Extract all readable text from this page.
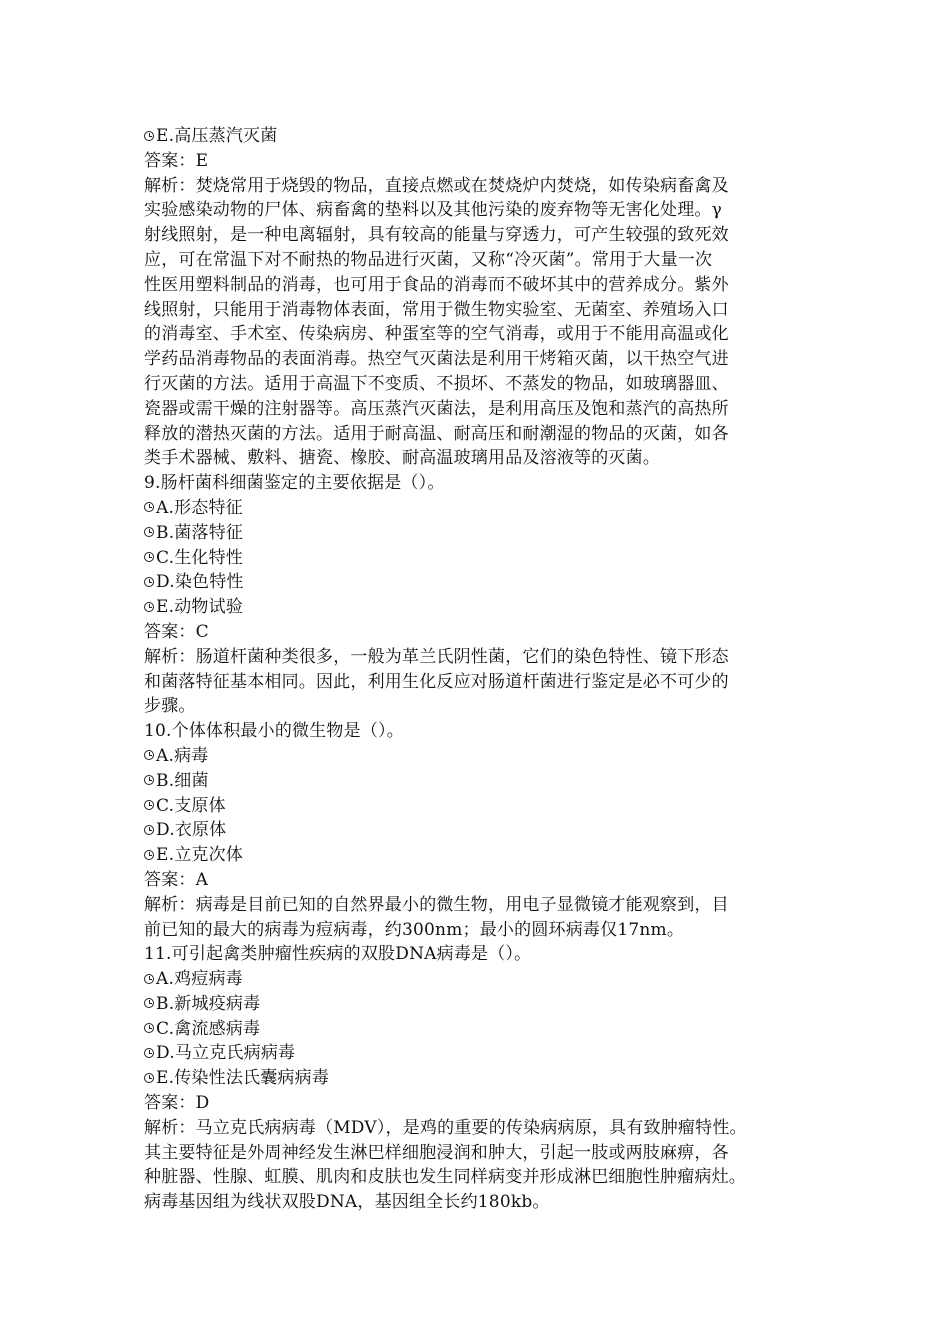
E.高压蒸汽灭菌
答案：E
解析：焚烧常用于烧毁的物品，直接点燃或在焚烧炉内焚烧，如传染病畜禽及
实验感染动物的尸体、病畜禽的垫料以及其他污染的废弃物等无害化处理。γ
射线照射，是一种电离辐射，具有较高的能量与穿透力，可产生较强的致死效
应，可在常温下对不耐热的物品进行灭菌，又称“冷灭菌”。常用于大量一次
性医用塑料制品的消毒，也可用于食品的消毒而不破坏其中的营养成分。紫外
线照射，只能用于消毒物体表面，常用于微生物实验室、无菌室、养殖场入口
的消毒室、手术室、传染病房、种蛋室等的空气消毒，或用于不能用高温或化
学药品消毒物品的表面消毒。热空气灭菌法是利用干烤箱灭菌，以干热空气进
行灭菌的方法。适用于高温下不变质、不损坏、不蒸发的物品，如玻璃器皿、
瓷器或需干燥的注射器等。高压蒸汽灭菌法，是利用高压及饱和蒸汽的高热所
释放的潜热灭菌的方法。适用于耐高温、耐高压和耐潮湿的物品的灭菌，如各
类手术器械、敷料、搪瓷、橡胶、耐高温玻璃用品及溶液等的灭菌。
9.肠杆菌科细菌鉴定的主要依据是（）。
A.形态特征
B.菌落特征
C.生化特性
D.染色特性
E.动物试验
答案：C
解析：肠道杆菌种类很多，一般为革兰氏阴性菌，它们的染色特性、镜下形态
和菌落特征基本相同。因此，利用生化反应对肠道杆菌进行鉴定是必不可少的
步骤。
10.个体体积最小的微生物是（）。
A.病毒
B.细菌
C.支原体
D.衣原体
E.立克次体
答案：A
解析：病毒是目前已知的自然界最小的微生物，用电子显微镜才能观察到，目
前已知的最大的病毒为痘病毒，约300nm；最小的圆环病毒仅17nm。
11.可引起禽类肿瘤性疾病的双股DNA病毒是（）。
A.鸡痘病毒
B.新城疫病毒
C.禽流感病毒
D.马立克氏病病毒
E.传染性法氏囊病病毒
答案：D
解析：马立克氏病病毒（MDV），是鸡的重要的传染病病原，具有致肿瘤特性。
其主要特征是外周神经发生淋巴样细胞浸润和肿大，引起一肢或两肢麻痹，各
种脏器、性腺、虹膜、肌肉和皮肤也发生同样病变并形成淋巴细胞性肿瘤病灶。
病毒基因组为线状双股DNA，基因组全长约180kb。
